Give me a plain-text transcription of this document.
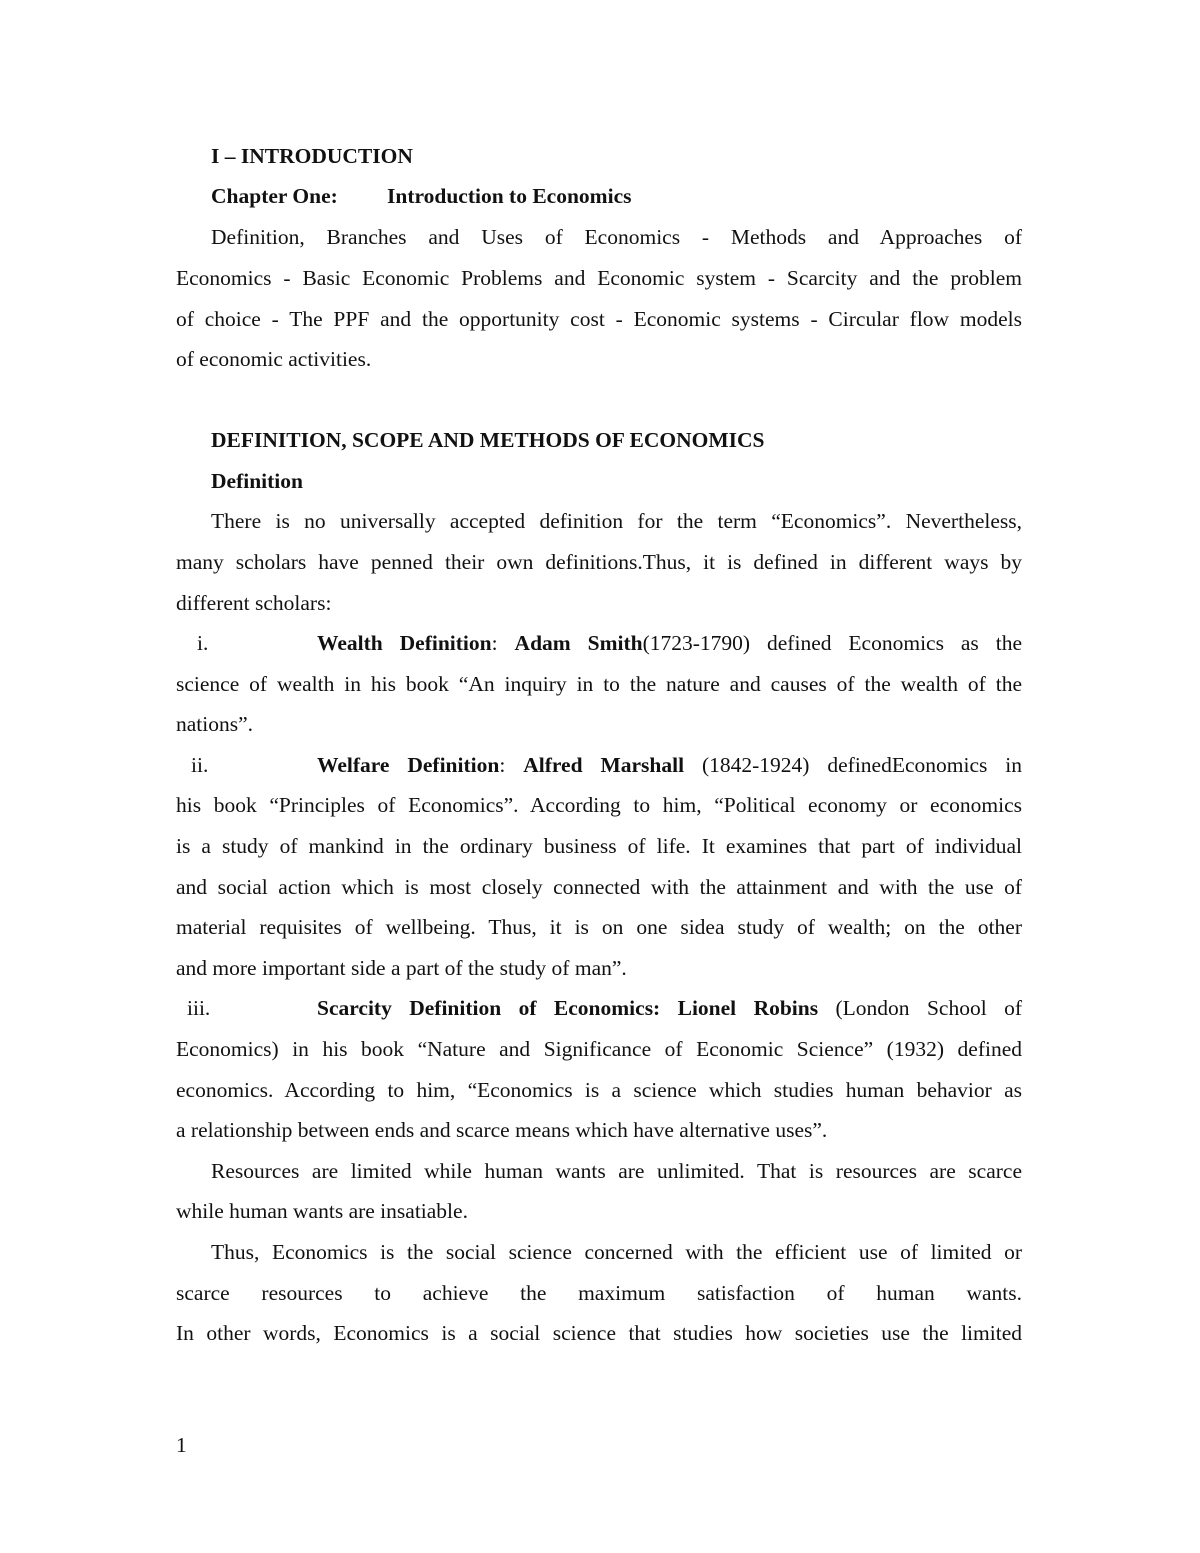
I – INTRODUCTION
Chapter One: Introduction to Economics
Definition, Branches and Uses of Economics - Methods and Approaches of
Economics - Basic Economic Problems and Economic system - Scarcity and the problem
of choice - The PPF and the opportunity cost - Economic systems - Circular flow models
of economic activities.
DEFINITION, SCOPE AND METHODS OF ECONOMICS
Definition
There is no universally accepted definition for the term “Economics”. Nevertheless,
many scholars have penned their own definitions.Thus, it is defined in different ways by
different scholars:
i.	Wealth Definition: Adam Smith(1723-1790) defined Economics as the
science of wealth in his book “An inquiry in to the nature and causes of the wealth of the
nations”.
ii.	Welfare Definition: Alfred Marshall (1842-1924) definedEconomics in
his book “Principles of Economics”. According to him, “Political economy or economics
is a study of mankind in the ordinary business of life. It examines that part of individual
and social action which is most closely connected with the attainment and with the use of
material requisites of wellbeing. Thus, it is on one sidea study of wealth; on the other
and more important side a part of the study of man”.
iii.	Scarcity Definition of Economics: Lionel Robins (London School of
Economics) in his book “Nature and Significance of Economic Science” (1932) defined
economics. According to him, “Economics is a science which studies human behavior as
a relationship between ends and scarce means which have alternative uses”.
Resources are limited while human wants are unlimited. That is resources are scarce
while human wants are insatiable.
Thus, Economics is the social science concerned with the efficient use of limited or
scarce resources to achieve the maximum satisfaction of human wants.
In other words, Economics is a social science that studies how societies use the limited
1
